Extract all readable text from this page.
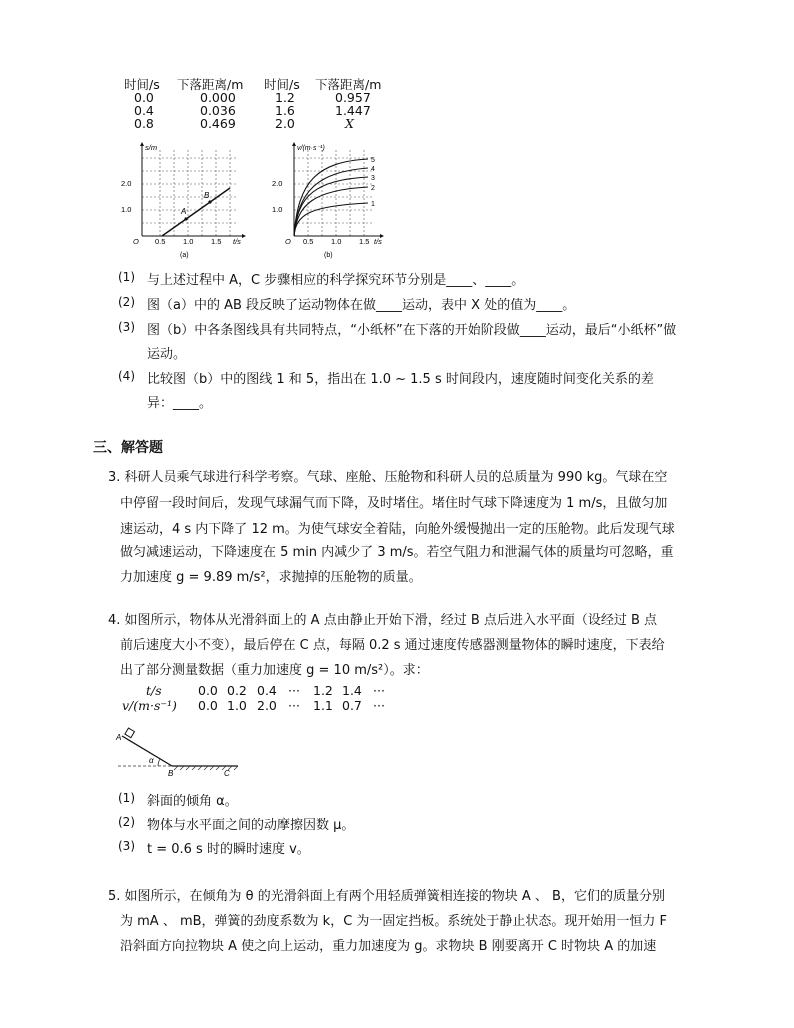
时间/s 下落距离/m 时间/s 下落距离/m
0.0	0.000	1.2	0.957
0.4	0.036	1.6	1.447
0.8	0.469	2.0	X
A
B
s/m
t/s
2.0
1.0
O 0.5 1.0 1.5
(a)
5
4
3
2
1
v/(m·s⁻¹)
t/s
2.0
1.0
O 0.5 1.0 1.5
(b)
(1) 与上述过程中 A，C 步骤相应的科学探究环节分别是____、____。
(2) 图（a）中的 AB 段反映了运动物体在做____运动，表中 X 处的值为____。
(3) 图（b）中各条图线具有共同特点，“小纸杯”在下落的开始阶段做____运动，最后“小纸杯”做
运动。
(4) 比较图（b）中的图线 1 和 5，指出在 1.0 ~ 1.5 s 时间段内，速度随时间变化关系的差
异：____。
三、解答题
3. 科研人员乘气球进行科学考察。气球、座舱、压舱物和科研人员的总质量为 990 kg。气球在空
中停留一段时间后，发现气球漏气而下降，及时堵住。堵住时气球下降速度为 1 m/s，且做匀加
速运动，4 s 内下降了 12 m。为使气球安全着陆，向舱外缓慢抛出一定的压舱物。此后发现气球
做匀减速运动，下降速度在 5 min 内减少了 3 m/s。若空气阻力和泄漏气体的质量均可忽略，重
力加速度 g = 9.89 m/s²，求抛掉的压舱物的质量。
4. 如图所示，物体从光滑斜面上的 A 点由静止开始下滑，经过 B 点后进入水平面（设经过 B 点
前后速度大小不变），最后停在 C 点，每隔 0.2 s 通过速度传感器测量物体的瞬时速度，下表给
出了部分测量数据（重力加速度 g = 10 m/s²）。求：
t/s	0.0 0.2 0.4 ··· 1.2 1.4 ···
v/(m·s⁻¹) 0.0 1.0 2.0 ··· 1.1 0.7 ···
A
α
B	C
(1) 斜面的倾角 α。
(2) 物体与水平面之间的动摩擦因数 μ。
(3) t = 0.6 s 时的瞬时速度 v。
5. 如图所示，在倾角为 θ 的光滑斜面上有两个用轻质弹簧相连接的物块 A 、 B，它们的质量分别
为 mA 、 mB，弹簧的劲度系数为 k，C 为一固定挡板。系统处于静止状态。现开始用一恒力 F
沿斜面方向拉物块 A 使之向上运动，重力加速度为 g。求物块 B 刚要离开 C 时物块 A 的加速
